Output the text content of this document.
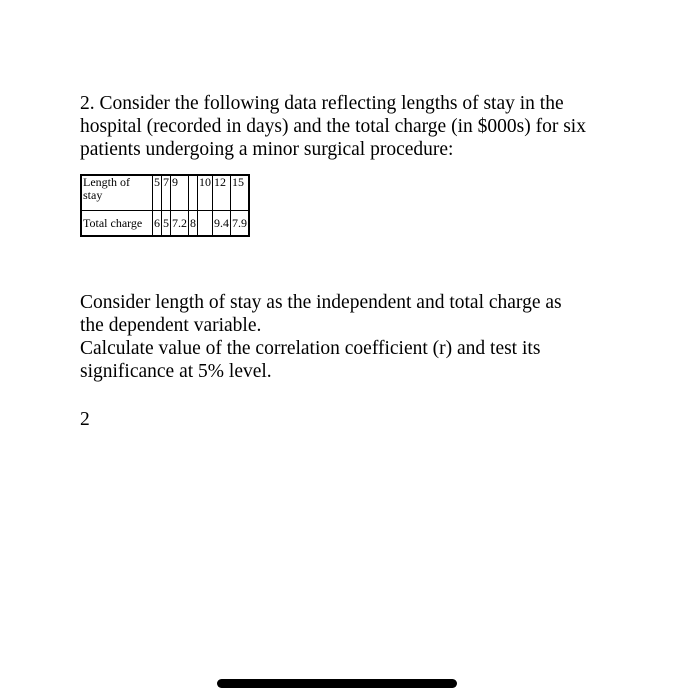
2. Consider the following data reflecting lengths of stay in the
hospital (recorded in days) and the total charge (in $000s) for six
patients undergoing a minor surgical procedure:
Length of stay	5	7	9		10	12	15
Total charge	6	5	7.2	8		9.4	7.9
Consider length of stay as the independent and total charge as
the dependent variable.
Calculate value of the correlation coefficient (r) and test its
significance at 5% level.
2
